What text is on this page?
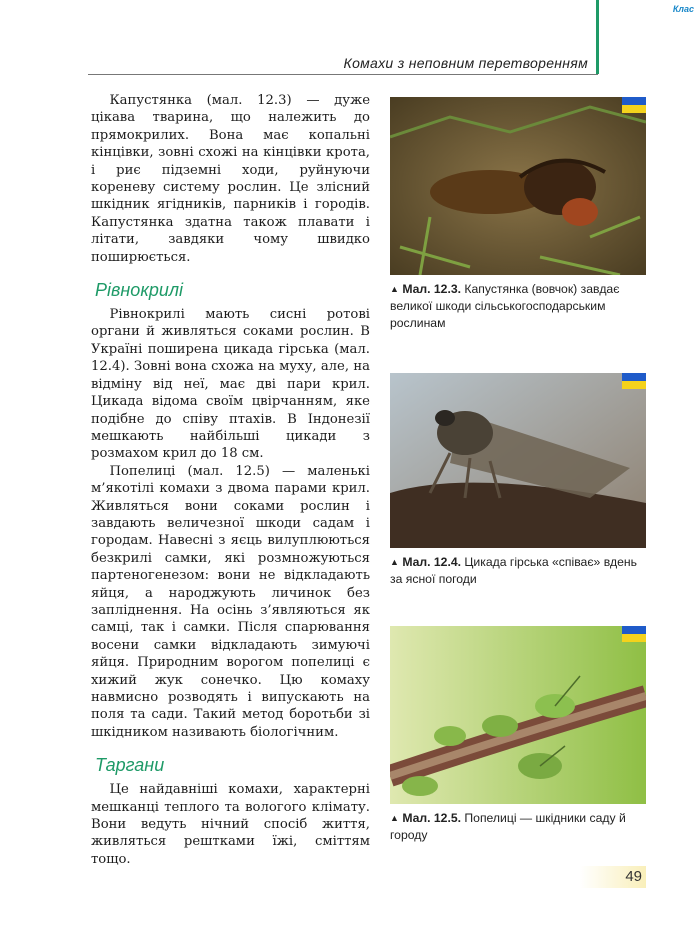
Клас
Комахи з неповним перетворенням

Капустянка (мал. 12.3) — дуже цікава тварина, що належить до прямокрилих. Вона має копальні кінцівки, зовні схожі на кінцівки крота, і риє підземні ходи, руйнуючи кореневу систему рослин. Це злісний шкідник ягідників, парників і городів. Капустянка здатна також плавати і літати, завдяки чому швидко поширюється.

Рівнокрилі

Рівнокрилі мають сисні ротові органи й живляться соками рослин. В Україні поширена цикада гірська (мал. 12.4). Зовні вона схожа на муху, але, на відміну від неї, має дві пари крил. Цикада відома своїм цвірчанням, яке подібне до співу птахів. В Індонезії мешкають найбільші цикади з розмахом крил до 18 см.

Попелиці (мал. 12.5) — маленькі м’якотілі комахи з двома парами крил. Живляться вони соками рослин і завдають величезної шкоди садам і городам. Навесні з яєць вилуплюються безкрилі самки, які розмножуються партеногенезом: вони не відкладають яйця, а народжують личинок без запліднення. На осінь з’являються як самці, так і самки. Після спарювання восени самки відкладають зимуючі яйця. Природним ворогом попелиці є хижий жук сонечко. Цю комаху навмисно розводять і випускають на поля та сади. Такий метод боротьби зі шкідником називають біологічним.

Таргани

Це найдавніші комахи, характерні мешканці теплого та вологого клімату. Вони ведуть нічний спосіб життя, живляться рештками їжі, сміттям тощо.

▲ Мал. 12.3. Капустянка (вовчок) завдає великої шкоди сільськогосподарським рослинам
▲ Мал. 12.4. Цикада гірська «співає» вдень за ясної погоди
▲ Мал. 12.5. Попелиці — шкідники саду й городу
49
